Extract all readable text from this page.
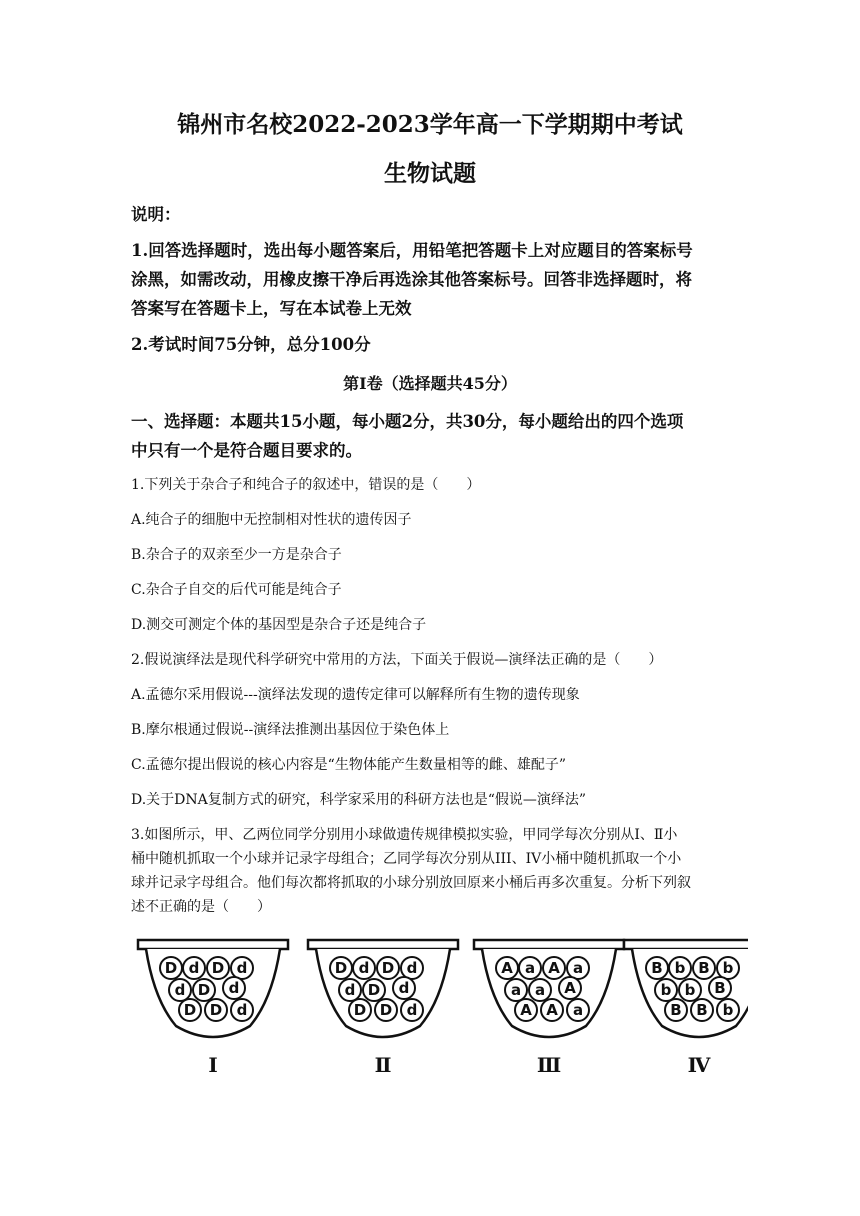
锦州市名校2022-2023学年高一下学期期中考试
生物试题
说明：
1.回答选择题时，选出每小题答案后，用铅笔把答题卡上对应题目的答案标号
涂黑，如需改动，用橡皮擦干净后再选涂其他答案标号。回答非选择题时，将
答案写在答题卡上，写在本试卷上无效
2.考试时间75分钟，总分100分
第Ⅰ卷（选择题共45分）
一、选择题：本题共15小题，每小题2分，共30分，每小题给出的四个选项
中只有一个是符合题目要求的。
1.下列关于杂合子和纯合子的叙述中，错误的是（　　）
A.纯合子的细胞中无控制相对性状的遗传因子
B.杂合子的双亲至少一方是杂合子
C.杂合子自交的后代可能是纯合子
D.测交可测定个体的基因型是杂合子还是纯合子
2.假说演绎法是现代科学研究中常用的方法，下面关于假说—演绎法正确的是（　　）
A.孟德尔采用假说---演绎法发现的遗传定律可以解释所有生物的遗传现象
B.摩尔根通过假说--演绎法推测出基因位于染色体上
C.孟德尔提出假说的核心内容是“生物体能产生数量相等的雌、雄配子”
D.关于DNA复制方式的研究，科学家采用的科研方法也是“假说—演绎法”
3.如图所示，甲、乙两位同学分别用小球做遗传规律模拟实验，甲同学每次分别从Ⅰ、Ⅱ小
桶中随机抓取一个小球并记录字母组合；乙同学每次分别从III、IV小桶中随机抓取一个小
球并记录字母组合。他们每次都将抓取的小球分别放回原来小桶后再多次重复。分析下列叙
述不正确的是（　　）
D d D d
d D d
D D d
Ⅰ
D d D d
d D d
D D d
Ⅱ
A a A a
a a A
A A a
Ⅲ
B b B b
b b B
B B b
Ⅳ
